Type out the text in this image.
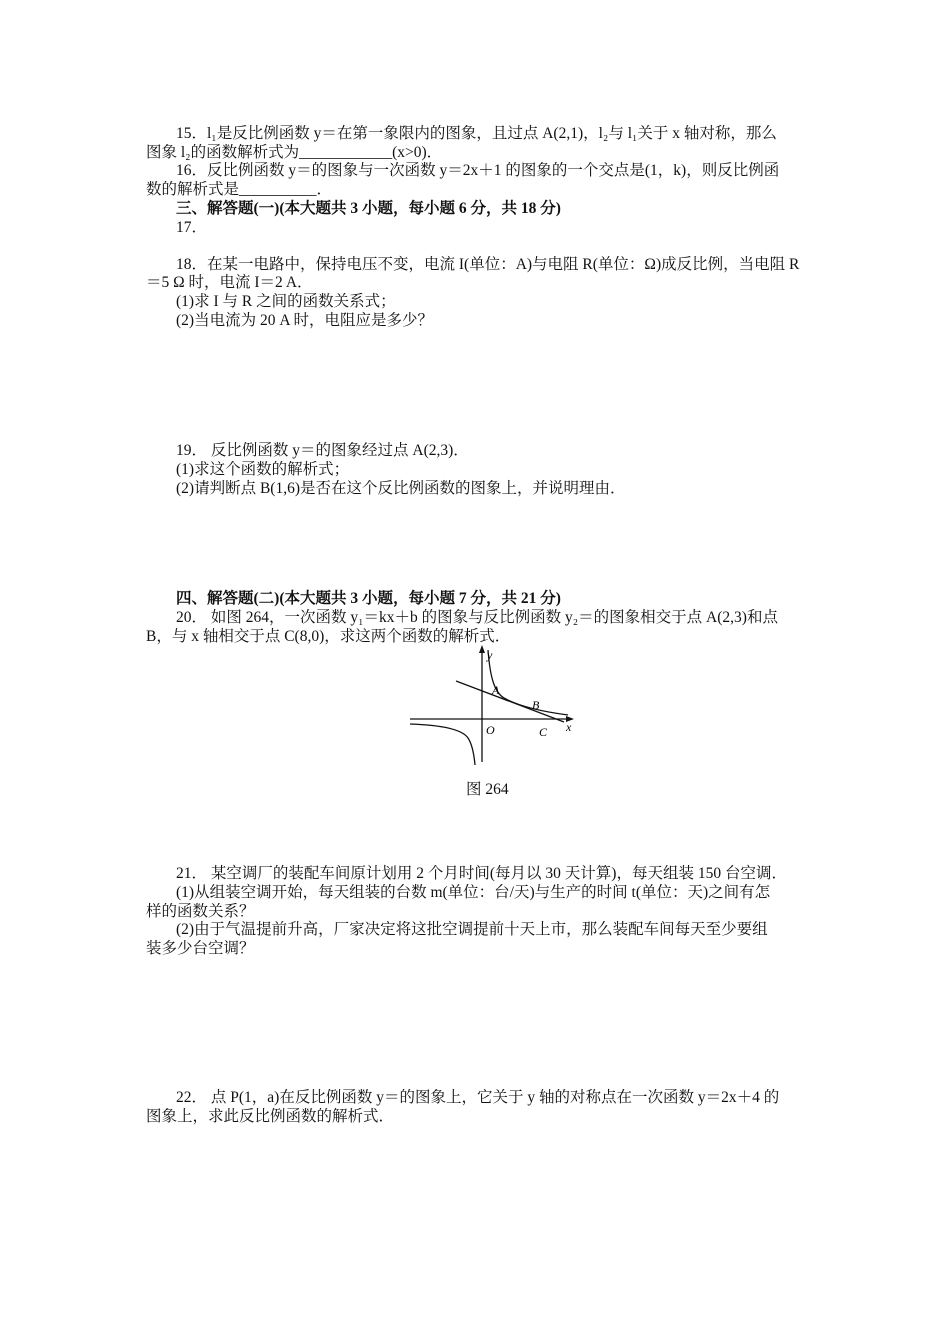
15．l₁是反比例函数 y＝在第一象限内的图象，且过点 A(2,1)，l₂与 l₁关于 x 轴对称，那么
图象 l₂的函数解析式为____________(x>0)．
16．反比例函数 y＝的图象与一次函数 y＝2x＋1 的图象的一个交点是(1，k)，则反比例函
数的解析式是__________．
三、解答题(一)(本大题共 3 小题，每小题 6 分，共 18 分)
17．
18．在某一电路中，保持电压不变，电流 I(单位：A)与电阻 R(单位：Ω)成反比例，当电阻 R
＝5 Ω 时，电流 I＝2 A．
(1)求 I 与 R 之间的函数关系式；
(2)当电流为 20 A 时，电阻应是多少？
19． 反比例函数 y＝的图象经过点 A(2,3)．
(1)求这个函数的解析式；
(2)请判断点 B(1,6)是否在这个反比例函数的图象上，并说明理由．
四、解答题(二)(本大题共 3 小题，每小题 7 分，共 21 分)
20． 如图 264，一次函数 y₁＝kx＋b 的图象与反比例函数 y₂＝的图象相交于点 A(2,3)和点
B，与 x 轴相交于点 C(8,0)，求这两个函数的解析式．
y
x
O
A
B
C
图 264
21． 某空调厂的装配车间原计划用 2 个月时间(每月以 30 天计算)，每天组装 150 台空调．
(1)从组装空调开始，每天组装的台数 m(单位：台/天)与生产的时间 t(单位：天)之间有怎
样的函数关系？
(2)由于气温提前升高，厂家决定将这批空调提前十天上市，那么装配车间每天至少要组
装多少台空调？
22． 点 P(1，a)在反比例函数 y＝的图象上，它关于 y 轴的对称点在一次函数 y＝2x＋4 的
图象上，求此反比例函数的解析式．
